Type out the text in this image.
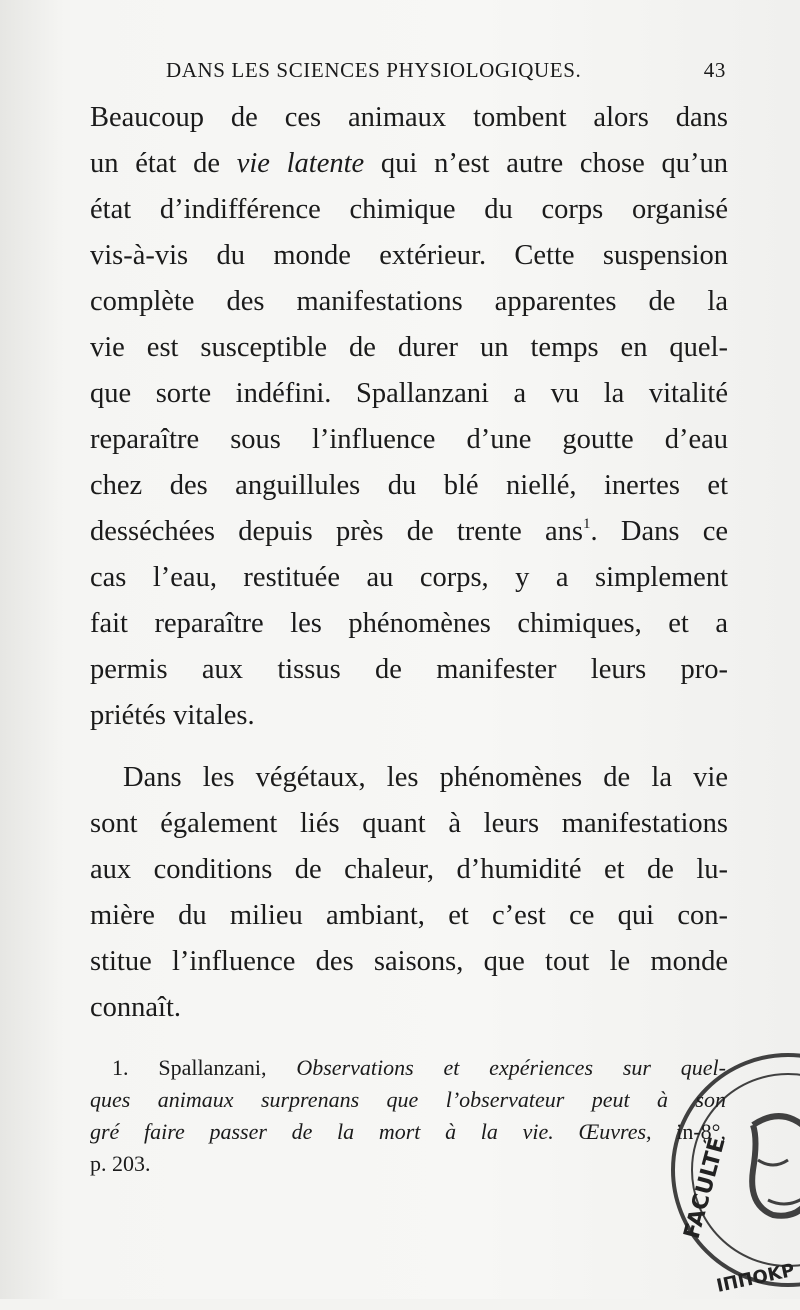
DANS LES SCIENCES PHYSIOLOGIQUES.	43
Beaucoup de ces animaux tombent alors dans
un état de vie latente qui n’est autre chose qu’un
état d’indifférence chimique du corps organisé
vis-à-vis du monde extérieur. Cette suspension
complète des manifestations apparentes de la
vie est susceptible de durer un temps en quel-
que sorte indéfini. Spallanzani a vu la vitalité
reparaître sous l’influence d’une goutte d’eau
chez des anguillules du blé niellé, inertes et
desséchées depuis près de trente ans$^1$. Dans ce
cas l’eau, restituée au corps, y a simplement
fait reparaître les phénomènes chimiques, et a
permis aux tissus de manifester leurs pro-
priétés vitales.
Dans les végétaux, les phénomènes de la vie
sont également liés quant à leurs manifestations
aux conditions de chaleur, d’humidité et de lu-
mière du milieu ambiant, et c’est ce qui con-
stitue l’influence des saisons, que tout le monde
connaît.
1. Spallanzani, Observations et expériences sur quel-
ques animaux surprenans que l’observateur peut à son
gré faire passer de la mort à la vie. Œuvres, in-8°,
p. 203.	FACULTÉ
ΙΠΠΟΚΡ
